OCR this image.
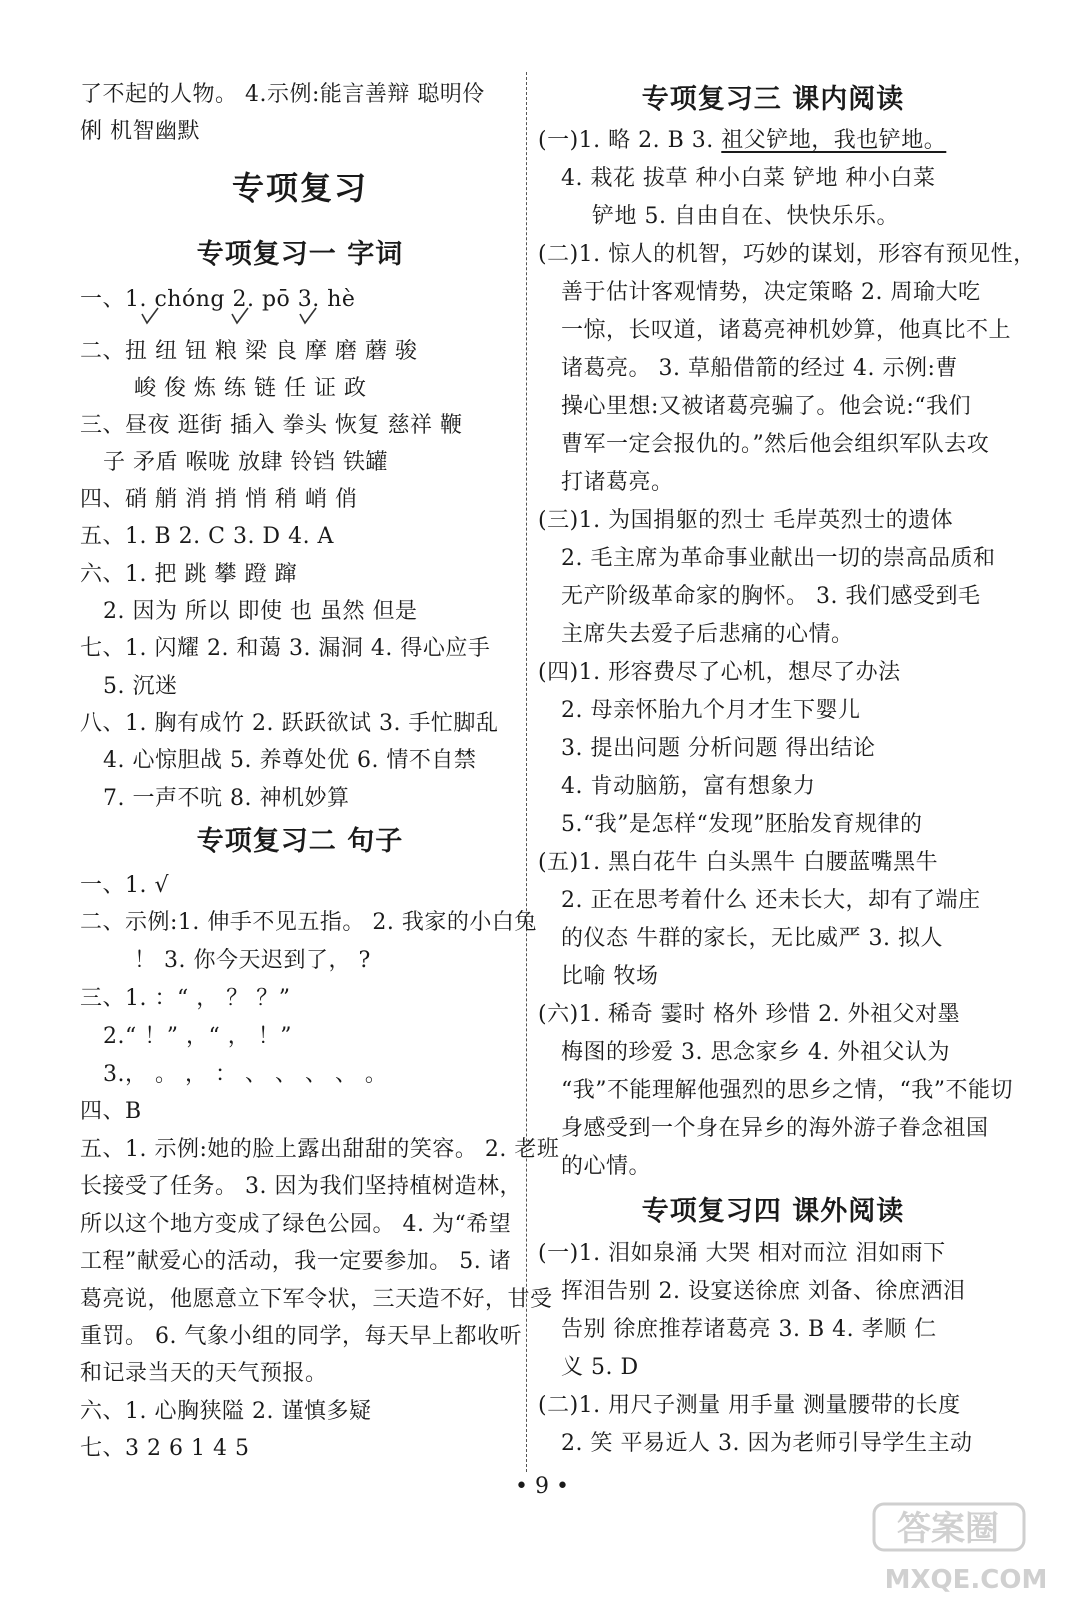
了不起的人物。 4.示例:能言善辩 聪明伶
俐 机智幽默
专项复习
专项复习一 字词
一、1. chóng 2. pō 3. hè
二、扭 纽 钮 粮 梁 良 摩 磨 蘑 骏
峻 俊 炼 练 链 任 证 政
三、昼夜 逛街 插入 拳头 恢复 慈祥 鞭
子 矛盾 喉咙 放肆 铃铛 铁罐
四、硝 艄 消 捎 悄 稍 峭 俏
五、1. B 2. C 3. D 4. A
六、1. 把 跳 攀 蹬 蹿
2. 因为 所以 即使 也 虽然 但是
七、1. 闪耀 2. 和蔼 3. 漏洞 4. 得心应手
5. 沉迷
八、1. 胸有成竹 2. 跃跃欲试 3. 手忙脚乱
4. 心惊胆战 5. 养尊处优 6. 情不自禁
7. 一声不吭 8. 神机妙算
专项复习二 句子
一、1. √
二、示例:1. 伸手不见五指。 2. 我家的小白兔
！ 3. 你今天迟到了， ?
三、1. ：“ ， ？ ？”
2.“ ！” ，“ ， ！”
3.， 。 ， ： 、 、 、 、 。
四、B
五、1. 示例:她的脸上露出甜甜的笑容。 2. 老班
长接受了任务。 3. 因为我们坚持植树造林，
所以这个地方变成了绿色公园。 4. 为“希望
工程”献爱心的活动，我一定要参加。 5. 诸
葛亮说，他愿意立下军令状，三天造不好，甘受
重罚。 6. 气象小组的同学，每天早上都收听
和记录当天的天气预报。
六、1. 心胸狭隘 2. 谨慎多疑
七、3 2 6 1 4 5
专项复习三 课内阅读
(一)1. 略 2. B 3. 祖父铲地，我也铲地。
4. 栽花 拔草 种小白菜 铲地 种小白菜
铲地 5. 自由自在、快快乐乐。
(二)1. 惊人的机智，巧妙的谋划，形容有预见性，
善于估计客观情势，决定策略 2. 周瑜大吃
一惊，长叹道，诸葛亮神机妙算，他真比不上
诸葛亮。 3. 草船借箭的经过 4. 示例:曹
操心里想:又被诸葛亮骗了。他会说:“我们
曹军一定会报仇的。”然后他会组织军队去攻
打诸葛亮。
(三)1. 为国捐躯的烈士 毛岸英烈士的遗体
2. 毛主席为革命事业献出一切的崇高品质和
无产阶级革命家的胸怀。 3. 我们感受到毛
主席失去爱子后悲痛的心情。
(四)1. 形容费尽了心机，想尽了办法
2. 母亲怀胎九个月才生下婴儿
3. 提出问题 分析问题 得出结论
4. 肯动脑筋，富有想象力
5.“我”是怎样“发现”胚胎发育规律的
(五)1. 黑白花牛 白头黑牛 白腰蓝嘴黑牛
2. 正在思考着什么 还未长大，却有了端庄
的仪态 牛群的家长，无比威严 3. 拟人
比喻 牧场
(六)1. 稀奇 霎时 格外 珍惜 2. 外祖父对墨
梅图的珍爱 3. 思念家乡 4. 外祖父认为
“我”不能理解他强烈的思乡之情，“我”不能切
身感受到一个身在异乡的海外游子眷念祖国
的心情。
专项复习四 课外阅读
(一)1. 泪如泉涌 大哭 相对而泣 泪如雨下
挥泪告别 2. 设宴送徐庶 刘备、徐庶洒泪
告别 徐庶推荐诸葛亮 3. B 4. 孝顺 仁
义 5. D
(二)1. 用尺子测量 用手量 测量腰带的长度
2. 笑 平易近人 3. 因为老师引导学生主动
• 9 •
答案圈
MXQE.COM
